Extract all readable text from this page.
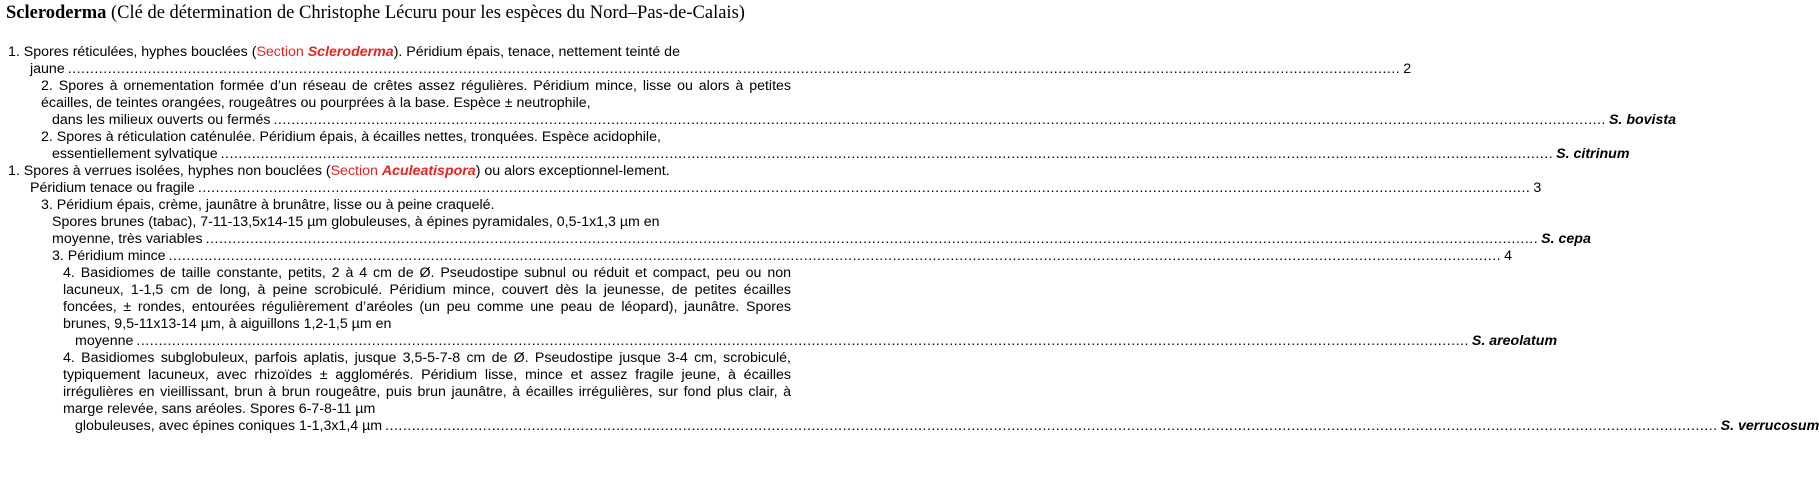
Scleroderma (Clé de détermination de Christophe Lécuru pour les espèces du Nord–Pas-de-Calais)
1. Spores réticulées, hyphes bouclées (Section Scleroderma). Péridium épais, tenace, nettement teinté de
jaune ............................................................................................................................................................................................................................................................................................................ 2
2. Spores à ornementation formée d’un réseau de crêtes assez régulières. Péridium mince, lisse ou alors à petites écailles, de teintes orangées, rougeâtres ou pourprées à la base. Espèce ± neutrophile,
dans les milieux ouverts ou fermés ............................................................................................................................................................................................................................................................................................................ S. bovista
2. Spores à réticulation caténulée. Péridium épais, à écailles nettes, tronquées. Espèce acidophile,
essentiellement sylvatique ............................................................................................................................................................................................................................................................................................................ S. citrinum
1. Spores à verrues isolées, hyphes non bouclées (Section Aculeatispora) ou alors exceptionnel-lement.
Péridium tenace ou fragile ............................................................................................................................................................................................................................................................................................................ 3
3. Péridium épais, crème, jaunâtre à brunâtre, lisse ou à peine craquelé.
Spores brunes (tabac), 7-11-13,5x14-15 µm globuleuses, à épines pyramidales, 0,5-1x1,3 µm en
moyenne, très variables ............................................................................................................................................................................................................................................................................................................ S. cepa
3.
Péridium mince ............................................................................................................................................................................................................................................................................................................ 4
4. Basidiomes de taille constante, petits, 2 à 4 cm de Ø. Pseudostipe subnul ou réduit et compact, peu ou non lacuneux, 1-1,5 cm de long, à peine scrobiculé. Péridium mince, couvert dès la jeunesse, de petites écailles foncées, ± rondes, entourées régulièrement d’aréoles (un peu comme une peau de léopard), jaunâtre. Spores brunes, 9,5-11x13-14 µm, à aiguillons 1,2-1,5 µm en
moyenne ............................................................................................................................................................................................................................................................................................................ S. areolatum
4. Basidiomes subglobuleux, parfois aplatis, jusque 3,5-5-7-8 cm de Ø. Pseudostipe jusque 3-4 cm, scrobiculé, typiquement lacuneux, avec rhizoïdes ± agglomérés. Péridium lisse, mince et assez fragile jeune, à écailles irrégulières en vieillissant, brun à brun rougeâtre, puis brun jaunâtre, à écailles irrégulières, sur fond plus clair, à marge relevée, sans aréoles. Spores 6-7-8-11 µm
globuleuses, avec épines coniques 1-1,3x1,4 µm ............................................................................................................................................................................................................................................................................................................ S. verrucosum
